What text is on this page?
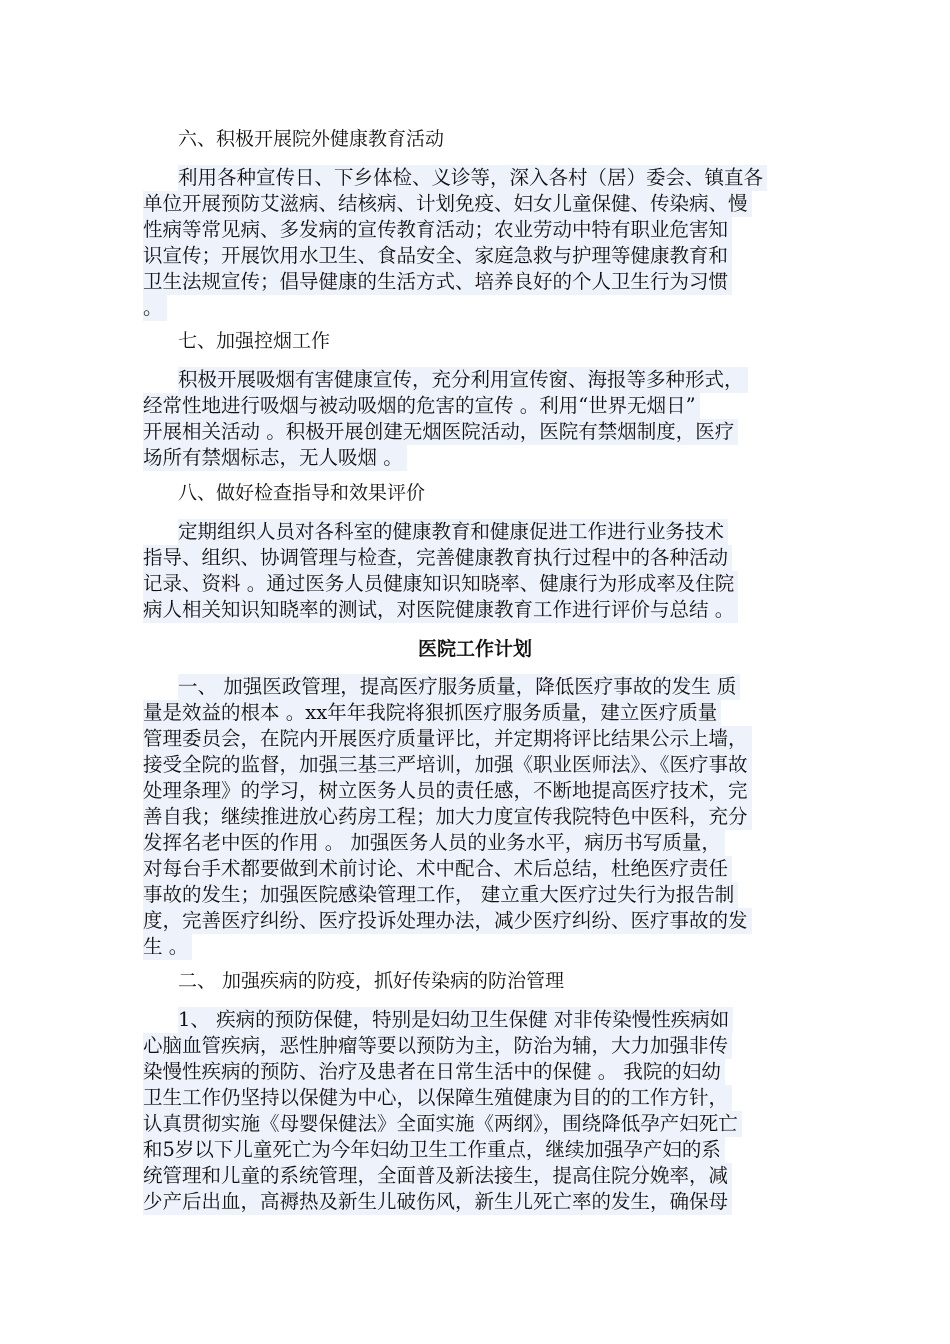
六、积极开展院外健康教育活动
利用各种宣传日、下乡体检、义诊等，深入各村（居）委会、镇直各
单位开展预防艾滋病、结核病、计划免疫、妇女儿童保健、传染病、慢
性病等常见病、多发病的宣传教育活动；农业劳动中特有职业危害知
识宣传；开展饮用水卫生、食品安全、家庭急救与护理等健康教育和
卫生法规宣传；倡导健康的生活方式、培养良好的个人卫生行为习惯
。
七、加强控烟工作
积极开展吸烟有害健康宣传，充分利用宣传窗、海报等多种形式，
经常性地进行吸烟与被动吸烟的危害的宣传 。利用“世界无烟日”
开展相关活动 。积极开展创建无烟医院活动，医院有禁烟制度，医疗
场所有禁烟标志，无人吸烟 。
八、做好检查指导和效果评价
定期组织人员对各科室的健康教育和健康促进工作进行业务技术
指导、组织、协调管理与检查，完善健康教育执行过程中的各种活动
记录、资料 。通过医务人员健康知识知晓率、健康行为形成率及住院
病人相关知识知晓率的测试，对医院健康教育工作进行评价与总结 。
医院工作计划
一、 加强医政管理，提高医疗服务质量，降低医疗事故的发生 质
量是效益的根本 。xx年年我院将狠抓医疗服务质量，建立医疗质量
管理委员会，在院内开展医疗质量评比，并定期将评比结果公示上墙，
接受全院的监督，加强三基三严培训，加强《职业医师法》、《医疗事故
处理条理》的学习，树立医务人员的责任感，不断地提高医疗技术，完
善自我；继续推进放心药房工程；加大力度宣传我院特色中医科，充分
发挥名老中医的作用 。 加强医务人员的业务水平，病历书写质量，
对每台手术都要做到术前讨论、术中配合、术后总结，杜绝医疗责任
事故的发生；加强医院感染管理工作， 建立重大医疗过失行为报告制
度，完善医疗纠纷、医疗投诉处理办法，减少医疗纠纷、医疗事故的发
生 。
二、 加强疾病的防疫，抓好传染病的防治管理
1、 疾病的预防保健，特别是妇幼卫生保健 对非传染慢性疾病如
心脑血管疾病，恶性肿瘤等要以预防为主，防治为辅，大力加强非传
染慢性疾病的预防、治疗及患者在日常生活中的保健 。 我院的妇幼
卫生工作仍坚持以保健为中心，以保障生殖健康为目的的工作方针，
认真贯彻实施《母婴保健法》全面实施《两纲》，围绕降低孕产妇死亡
和5岁以下儿童死亡为今年妇幼卫生工作重点，继续加强孕产妇的系
统管理和儿童的系统管理，全面普及新法接生，提高住院分娩率，减
少产后出血，高褥热及新生儿破伤风，新生儿死亡率的发生，确保母
